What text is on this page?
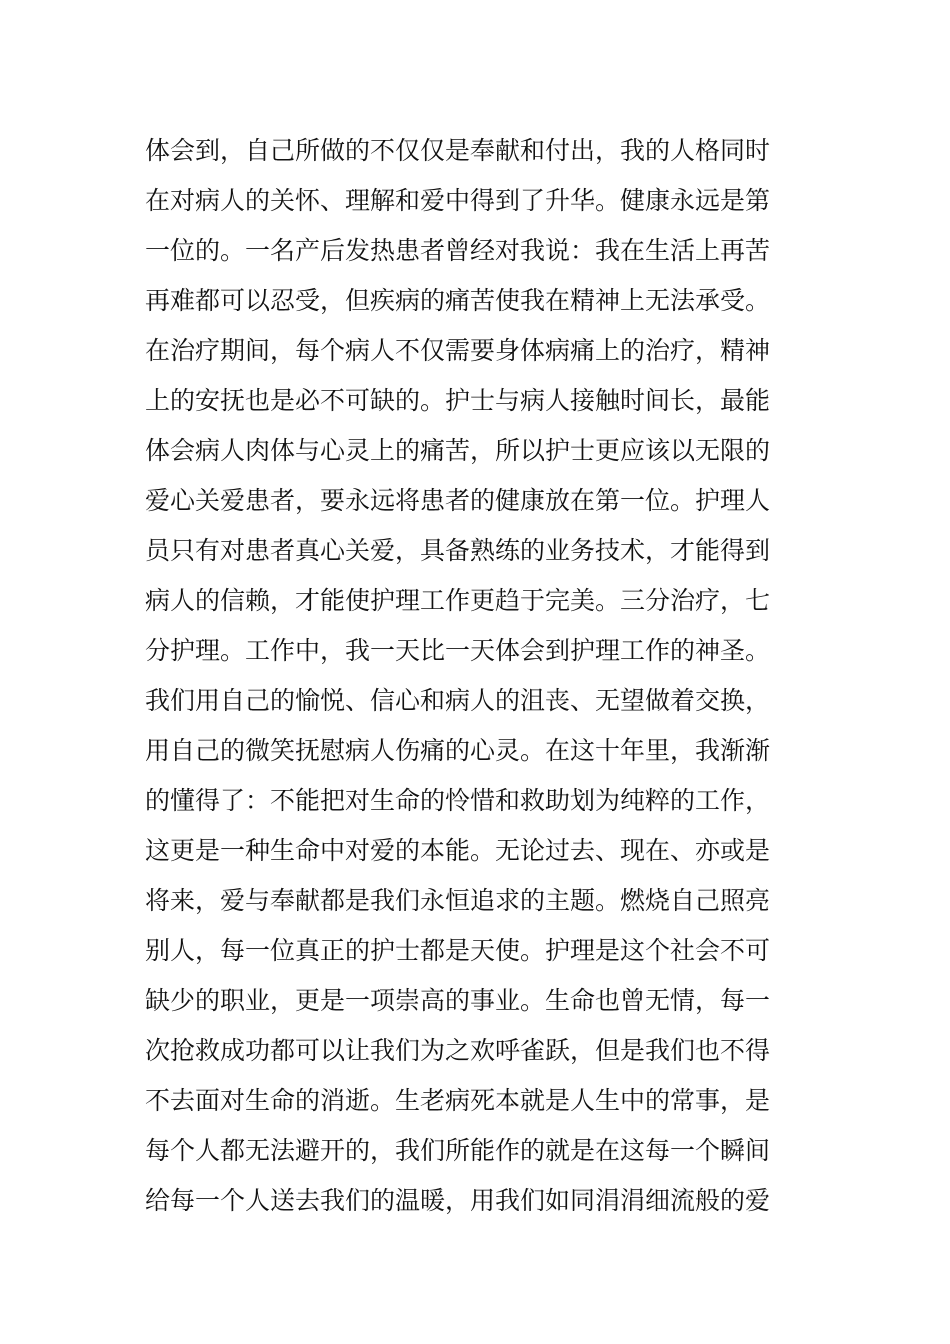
体会到，自己所做的不仅仅是奉献和付出，我的人格同时
在对病人的关怀、理解和爱中得到了升华。健康永远是第
一位的。一名产后发热患者曾经对我说：我在生活上再苦
再难都可以忍受，但疾病的痛苦使我在精神上无法承受。
在治疗期间，每个病人不仅需要身体病痛上的治疗，精神
上的安抚也是必不可缺的。护士与病人接触时间长，最能
体会病人肉体与心灵上的痛苦，所以护士更应该以无限的
爱心关爱患者，要永远将患者的健康放在第一位。护理人
员只有对患者真心关爱，具备熟练的业务技术，才能得到
病人的信赖，才能使护理工作更趋于完美。三分治疗，七
分护理。工作中，我一天比一天体会到护理工作的神圣。
我们用自己的愉悦、信心和病人的沮丧、无望做着交换，
用自己的微笑抚慰病人伤痛的心灵。在这十年里，我渐渐
的懂得了：不能把对生命的怜惜和救助划为纯粹的工作，
这更是一种生命中对爱的本能。无论过去、现在、亦或是
将来，爱与奉献都是我们永恒追求的主题。燃烧自己照亮
别人，每一位真正的护士都是天使。护理是这个社会不可
缺少的职业，更是一项崇高的事业。生命也曾无情，每一
次抢救成功都可以让我们为之欢呼雀跃，但是我们也不得
不去面对生命的消逝。生老病死本就是人生中的常事，是
每个人都无法避开的，我们所能作的就是在这每一个瞬间
给每一个人送去我们的温暖，用我们如同涓涓细流般的爱
